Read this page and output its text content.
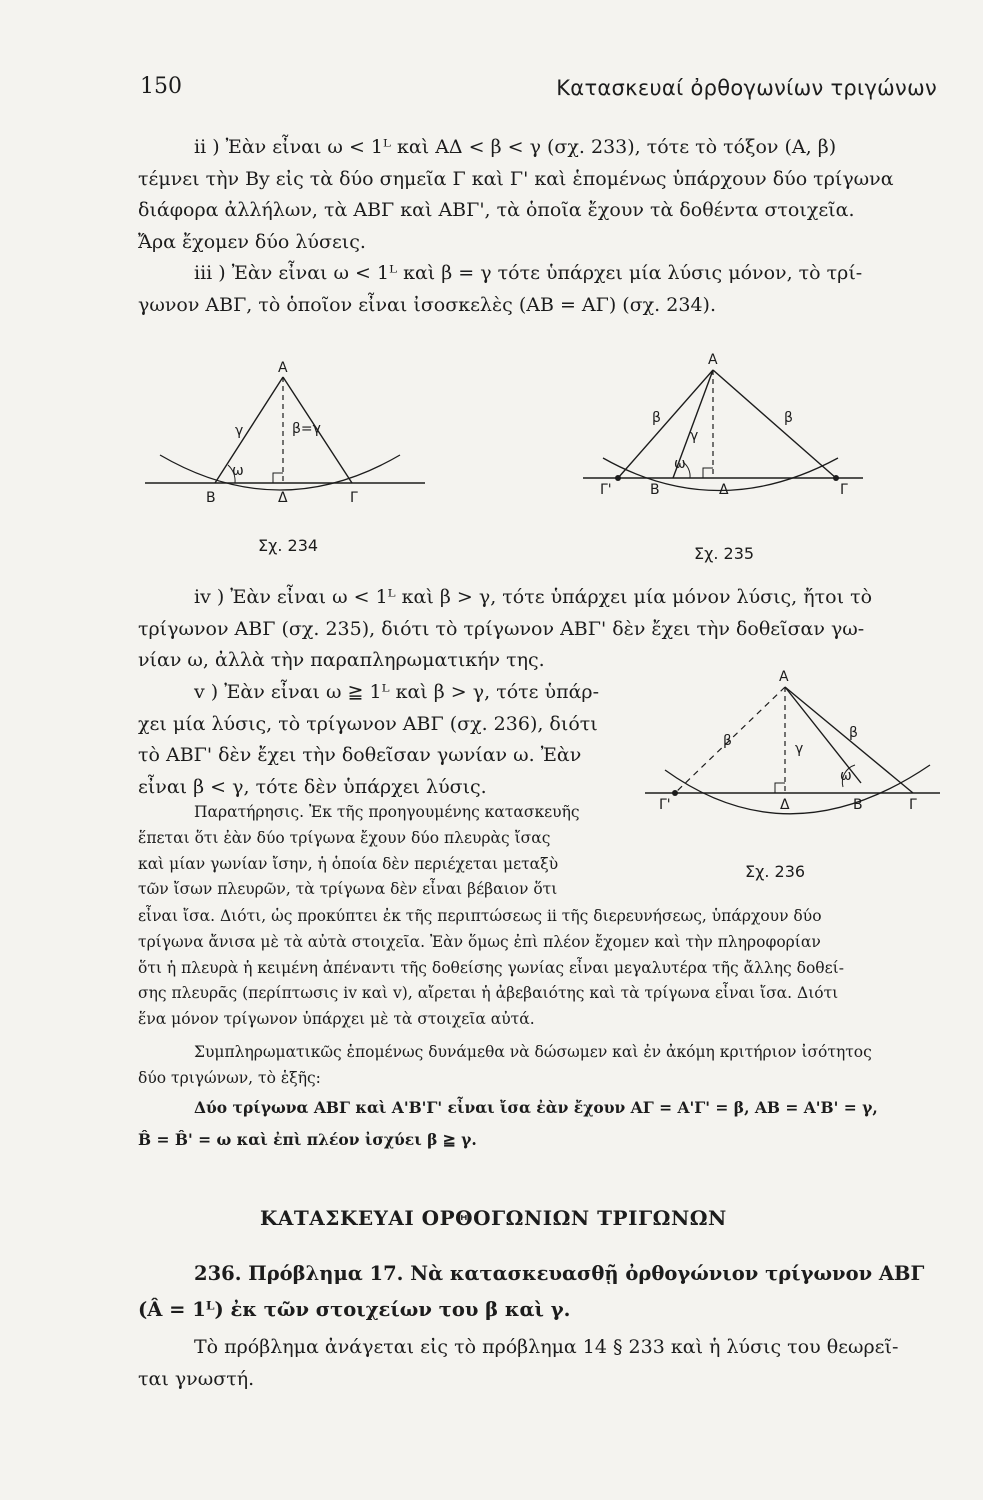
150	Κατασκευαί ὀρθογωνίων τριγώνων
ii ) Ἐὰν εἶναι ω < 1ᴸ καὶ ΑΔ < β < γ (σχ. 233), τότε τὸ τόξον (Α, β)
τέμνει τὴν Βy εἰς τὰ δύο σημεῖα Γ καὶ Γ' καὶ ἑπομένως ὑπάρχουν δύο τρίγωνα
διάφορα ἀλλήλων, τὰ ΑΒΓ καὶ ΑΒΓ', τὰ ὁποῖα ἔχουν τὰ δοθέντα στοιχεῖα.
Ἄρα ἔχομεν δύο λύσεις.
iii ) Ἐὰν εἶναι ω < 1ᴸ καὶ β = γ τότε ὑπάρχει μία λύσις μόνον, τὸ τρί-
γωνον ΑΒΓ, τὸ ὁποῖον εἶναι ἰσοσκελὲς (ΑΒ = ΑΓ) (σχ. 234).
A
γ	β=γ
ω
B	Δ	Γ
Σχ. 234
A
β
γ
β
ω
Γ'	B	Δ	Γ
Σχ. 235
iv ) Ἐὰν εἶναι ω < 1ᴸ καὶ β > γ, τότε ὑπάρχει μία μόνον λύσις, ἤτοι τὸ
τρίγωνον ΑΒΓ (σχ. 235), διότι τὸ τρίγωνον ΑΒΓ' δὲν ἔχει τὴν δοθεῖσαν γω-
νίαν ω, ἀλλὰ τὴν παραπληρωματικήν της.
v ) Ἐὰν εἶναι ω ≧ 1ᴸ καὶ β > γ, τότε ὑπάρ-
χει μία λύσις, τὸ τρίγωνον ΑΒΓ (σχ. 236), διότι
τὸ ΑΒΓ' δὲν ἔχει τὴν δοθεῖσαν γωνίαν ω. Ἐὰν
εἶναι β < γ, τότε δὲν ὑπάρχει λύσις.
A
β	γ
β
ω
Γ'	Δ	B	Γ
Σχ. 236
Παρατήρησις. Ἐκ τῆς προηγουμένης κατασκευῆς
ἕπεται ὅτι ἐὰν δύο τρίγωνα ἔχουν δύο πλευρὰς ἴσας
καὶ μίαν γωνίαν ἴσην, ἡ ὁποία δὲν περιέχεται μεταξὺ
τῶν ἴσων πλευρῶν, τὰ τρίγωνα δὲν εἶναι βέβαιον ὅτι
εἶναι ἴσα. Διότι, ὡς προκύπτει ἐκ τῆς περιπτώσεως ii τῆς διερευνήσεως, ὑπάρχουν δύο
τρίγωνα ἄνισα μὲ τὰ αὐτὰ στοιχεῖα. Ἐὰν ὅμως ἐπὶ πλέον ἔχομεν καὶ τὴν πληροφορίαν
ὅτι ἡ πλευρὰ ἡ κειμένη ἀπέναντι τῆς δοθείσης γωνίας εἶναι μεγαλυτέρα τῆς ἄλλης δοθεί-
σης πλευρᾶς (περίπτωσις iv καὶ v), αἴρεται ἡ ἀβεβαιότης καὶ τὰ τρίγωνα εἶναι ἴσα. Διότι
ἕνα μόνον τρίγωνον ὑπάρχει μὲ τὰ στοιχεῖα αὐτά.
Συμπληρωματικῶς ἑπομένως δυνάμεθα νὰ δώσωμεν καὶ ἐν ἀκόμη κριτήριον ἰσότητος
δύο τριγώνων, τὸ ἑξῆς:
Δύο τρίγωνα ΑΒΓ καὶ Α'Β'Γ' εἶναι ἴσα ἐὰν ἔχουν ΑΓ = Α'Γ' = β, ΑΒ = Α'Β' = γ,
B̂ = B̂' = ω καὶ ἐπὶ πλέον ἰσχύει β ≧ γ.
ΚΑΤΑΣΚΕΥΑΙ ΟΡΘΟΓΩΝΙΩΝ ΤΡΙΓΩΝΩΝ
236. Πρόβλημα 17. Νὰ κατασκευασθῇ ὀρθογώνιον τρίγωνον ΑΒΓ
(Â = 1ᴸ) ἐκ τῶν στοιχείων του β καὶ γ.
Τὸ πρόβλημα ἀνάγεται εἰς τὸ πρόβλημα 14 § 233 καὶ ἡ λύσις του θεωρεῖ-
ται γνωστή.
